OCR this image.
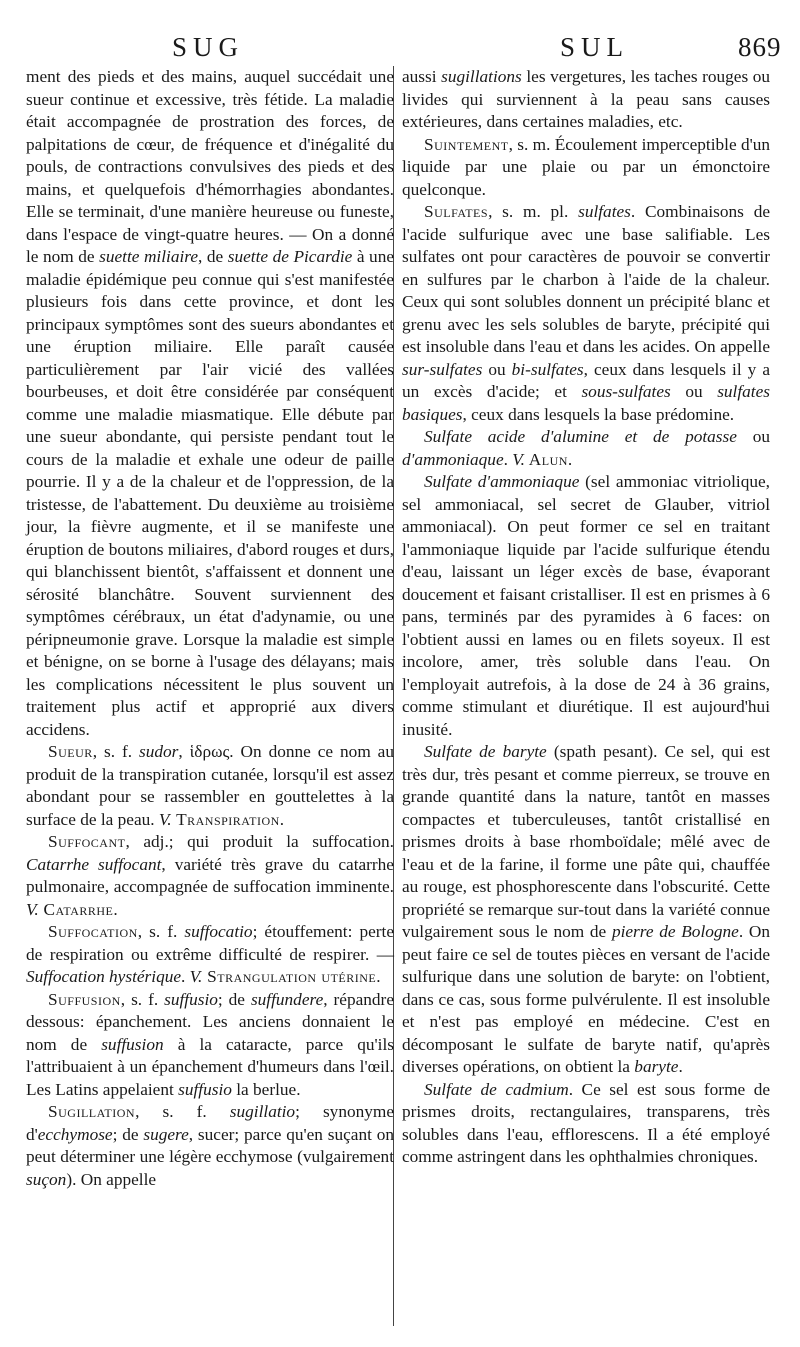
SUG	SUL	869

ment des pieds et des mains, auquel succédait une sueur continue et excessive, très fétide. La maladie était accompagnée de prostration des forces, de palpitations de cœur, de fréquence et d'inégalité du pouls, de contractions convulsives des pieds et des mains, et quelquefois d'hémorrhagies abondantes. Elle se terminait, d'une manière heureuse ou funeste, dans l'espace de vingt-quatre heures. — On a donné le nom de suette miliaire, de suette de Picardie à une maladie épidémique peu connue qui s'est manifestée plusieurs fois dans cette province, et dont les principaux symptômes sont des sueurs abondantes et une éruption miliaire. Elle paraît causée particulièrement par l'air vicié des vallées bourbeuses, et doit être considérée par conséquent comme une maladie miasmatique. Elle débute par une sueur abondante, qui persiste pendant tout le cours de la maladie et exhale une odeur de paille pourrie. Il y a de la chaleur et de l'oppression, de la tristesse, de l'abattement. Du deuxième au troisième jour, la fièvre augmente, et il se manifeste une éruption de boutons miliaires, d'abord rouges et durs, qui blanchissent bientôt, s'affaissent et donnent une sérosité blanchâtre. Souvent surviennent des symptômes cérébraux, un état d'adynamie, ou une péripneumonie grave. Lorsque la maladie est simple et bénigne, on se borne à l'usage des délayans; mais les complications nécessitent le plus souvent un traitement plus actif et approprié aux divers accidens.

Sueur, s. f. sudor, ἱδρως. On donne ce nom au produit de la transpiration cutanée, lorsqu'il est assez abondant pour se rassembler en gouttelettes à la surface de la peau. V. Transpiration.

Suffocant, adj.; qui produit la suffocation. Catarrhe suffocant, variété très grave du catarrhe pulmonaire, accompagnée de suffocation imminente. V. Catarrhe.

Suffocation, s. f. suffocatio; étouffement: perte de respiration ou extrême difficulté de respirer. — Suffocation hystérique. V. Strangulation utérine.

Suffusion, s. f. suffusio; de suffundere, répandre dessous: épanchement. Les anciens donnaient le nom de suffusion à la cataracte, parce qu'ils l'attribuaient à un épanchement d'humeurs dans l'œil. Les Latins appelaient suffusio la berlue.

Sugillation, s. f. sugillatio; synonyme d'ecchymose; de sugere, sucer; parce qu'en suçant on peut déterminer une légère ecchymose (vulgairement suçon). On appelle

aussi sugillations les vergetures, les taches rouges ou livides qui surviennent à la peau sans causes extérieures, dans certaines maladies, etc.

Suintement, s. m. Écoulement imperceptible d'un liquide par une plaie ou par un émonctoire quelconque.

Sulfates, s. m. pl. sulfates. Combinaisons de l'acide sulfurique avec une base salifiable. Les sulfates ont pour caractères de pouvoir se convertir en sulfures par le charbon à l'aide de la chaleur. Ceux qui sont solubles donnent un précipité blanc et grenu avec les sels solubles de baryte, précipité qui est insoluble dans l'eau et dans les acides. On appelle sur-sulfates ou bi-sulfates, ceux dans lesquels il y a un excès d'acide; et sous-sulfates ou sulfates basiques, ceux dans lesquels la base prédomine.

Sulfate acide d'alumine et de potasse ou d'ammoniaque. V. Alun.

Sulfate d'ammoniaque (sel ammoniac vitriolique, sel ammoniacal, sel secret de Glauber, vitriol ammoniacal). On peut former ce sel en traitant l'ammoniaque liquide par l'acide sulfurique étendu d'eau, laissant un léger excès de base, évaporant doucement et faisant cristalliser. Il est en prismes à 6 pans, terminés par des pyramides à 6 faces: on l'obtient aussi en lames ou en filets soyeux. Il est incolore, amer, très soluble dans l'eau. On l'employait autrefois, à la dose de 24 à 36 grains, comme stimulant et diurétique. Il est aujourd'hui inusité.

Sulfate de baryte (spath pesant). Ce sel, qui est très dur, très pesant et comme pierreux, se trouve en grande quantité dans la nature, tantôt en masses compactes et tuberculeuses, tantôt cristallisé en prismes droits à base rhomboïdale; mêlé avec de l'eau et de la farine, il forme une pâte qui, chauffée au rouge, est phosphorescente dans l'obscurité. Cette propriété se remarque sur-tout dans la variété connue vulgairement sous le nom de pierre de Bologne. On peut faire ce sel de toutes pièces en versant de l'acide sulfurique dans une solution de baryte: on l'obtient, dans ce cas, sous forme pulvérulente. Il est insoluble et n'est pas employé en médecine. C'est en décomposant le sulfate de baryte natif, qu'après diverses opérations, on obtient la baryte.

Sulfate de cadmium. Ce sel est sous forme de prismes droits, rectangulaires, transparens, très solubles dans l'eau, efflorescens. Il a été employé comme astringent dans les ophthalmies chroniques.
